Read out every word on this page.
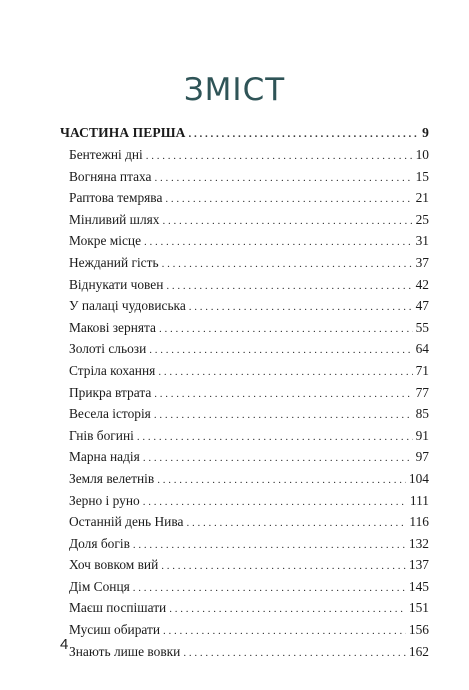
ЗМІСТ
ЧАСТИНА ПЕРША . . .	9
Бентежні дні . . .	10
Вогняна птаха . . .	15
Раптова темрява . . .	21
Мінливий шлях . . .	25
Мокре місце . . .	31
Нежданий гість . . .	37
Віднукати човен . . .	42
У палаці чудовиська . . .	47
Макові зернята . . .	55
Золоті сльози . . .	64
Стріла кохання . . .	71
Прикра втрата . . .	77
Весела історія . . .	85
Гнів богині . . .	91
Марна надія . . .	97
Земля велетнів . . .	104
Зерно і руно . . .	111
Останній день Нива . . .	116
Доля богів . . .	132
Хоч вовком вий . . .	137
Дім Сонця . . .	145
Маєш поспішати . . .	151
Мусиш обирати . . .	156
Знають лише вовки . . .	162
4
